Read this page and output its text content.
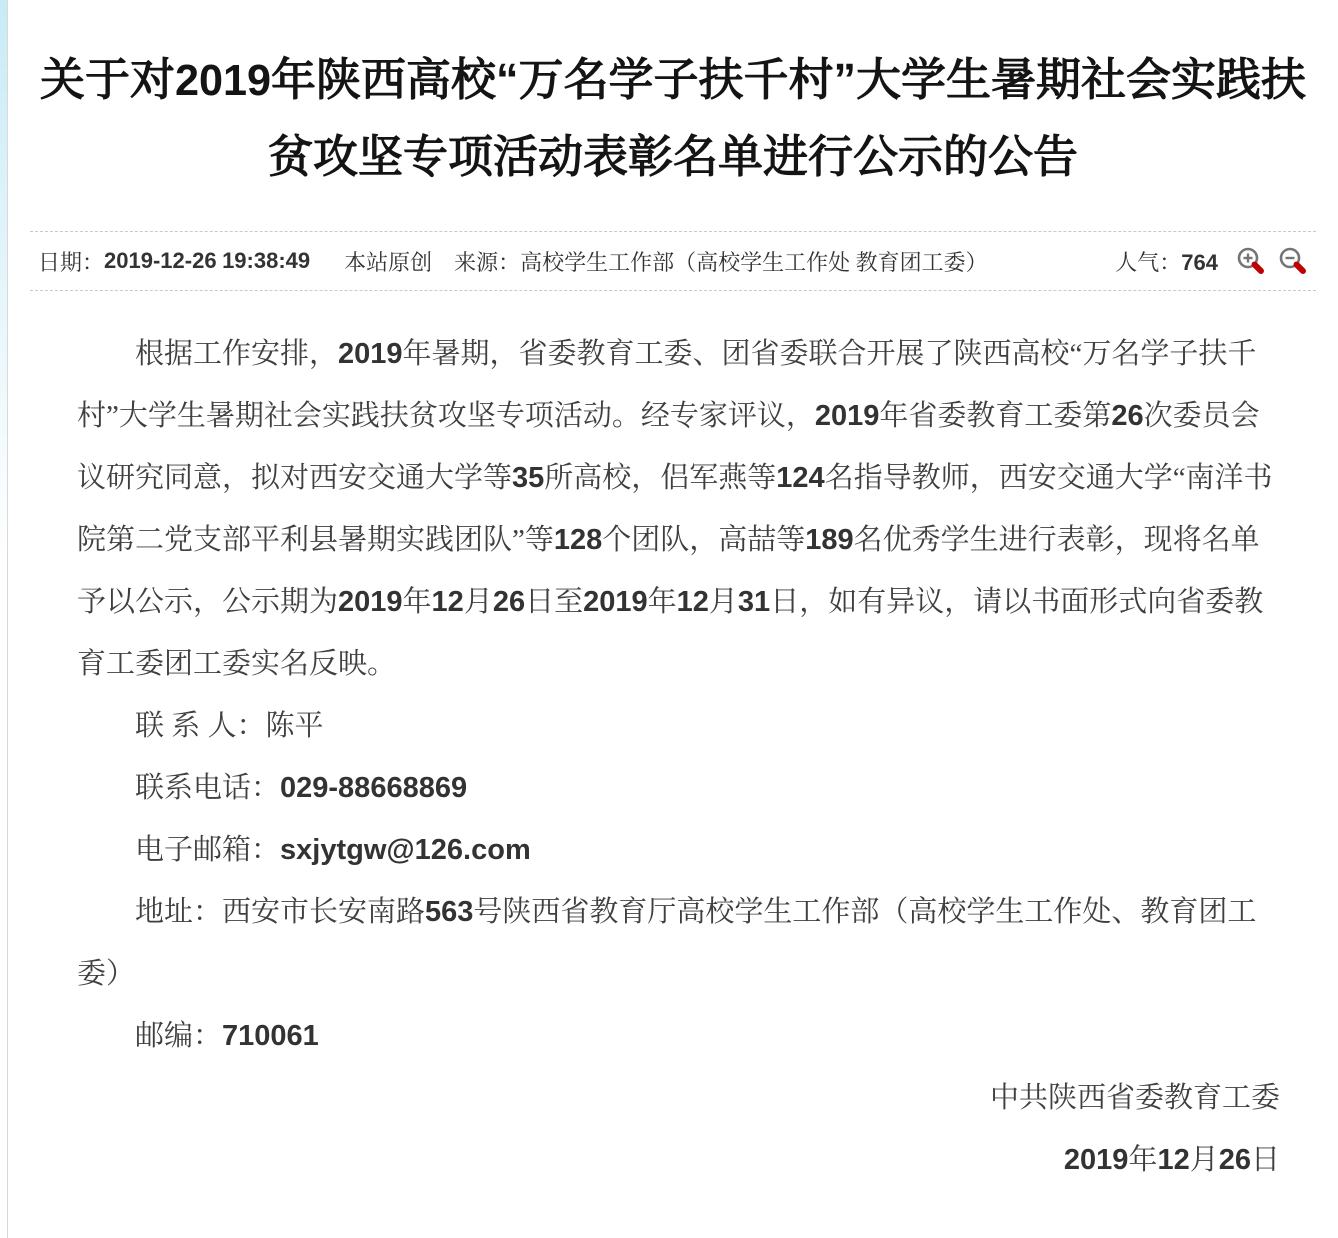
关于对2019年陕西高校“万名学子扶千村”大学生暑期社会实践扶贫攻坚专项活动表彰名单进行公示的公告
日期： 2019-12-26 19:38:49 本站原创 来源：高校学生工作部（高校学生工作处 教育团工委）	人气：764

根据工作安排，2019年暑期，省委教育工委、团省委联合开展了陕西高校“万名学子扶千村”大学生暑期社会实践扶贫攻坚专项活动。经专家评议，2019年省委教育工委第26次委员会议研究同意，拟对西安交通大学等35所高校，侣军燕等124名指导教师，西安交通大学“南洋书院第二党支部平利县暑期实践团队”等128个团队，高喆等189名优秀学生进行表彰，现将名单予以公示，公示期为2019年12月26日至2019年12月31日，如有异议，请以书面形式向省委教育工委团工委实名反映。

联 系 人：陈平

联系电话：029-88668869

电子邮箱：sxjytgw@126.com

地址：西安市长安南路563号陕西省教育厅高校学生工作部（高校学生工作处、教育团工委）

邮编：710061

中共陕西省委教育工委

2019年12月26日
